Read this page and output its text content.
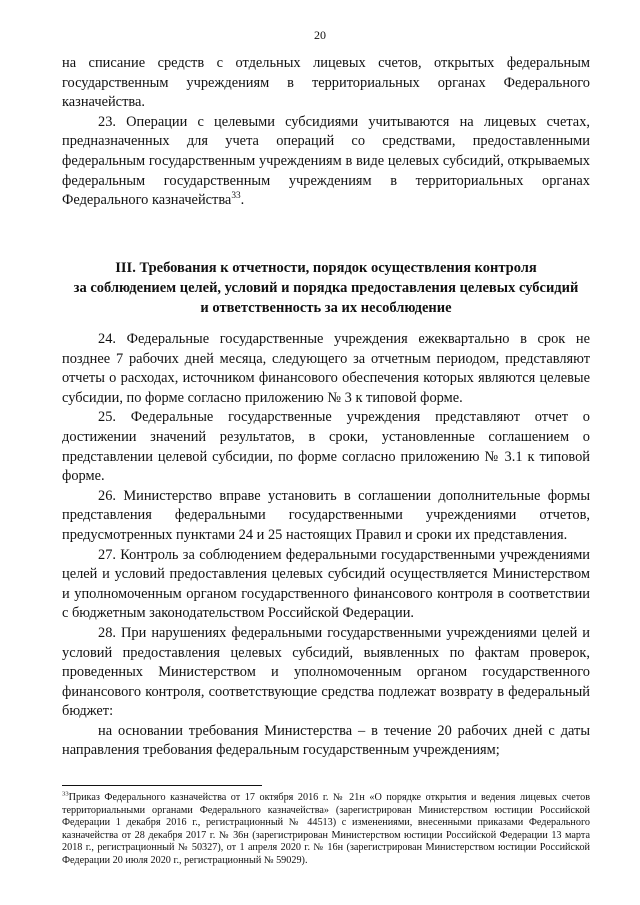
20

на списание средств с отдельных лицевых счетов, открытых федеральным государственным учреждениям в территориальных органах Федерального казначейства.

23. Операции с целевыми субсидиями учитываются на лицевых счетах, предназначенных для учета операций со средствами, предоставленными федеральным государственным учреждениям в виде целевых субсидий, открываемых федеральным государственным учреждениям в территориальных органах Федерального казначейства$^{33}$.

III. Требования к отчетности, порядок осуществления контроля
за соблюдением целей, условий и порядка предоставления целевых субсидий
и ответственность за их несоблюдение

24. Федеральные государственные учреждения ежеквартально в срок не позднее 7 рабочих дней месяца, следующего за отчетным периодом, представляют отчеты о расходах, источником финансового обеспечения которых являются целевые субсидии, по форме согласно приложению № 3 к типовой форме.

25. Федеральные государственные учреждения представляют отчет о достижении значений результатов, в сроки, установленные соглашением о представлении целевой субсидии, по форме согласно приложению № 3.1 к типовой форме.

26. Министерство вправе установить в соглашении дополнительные формы представления федеральными государственными учреждениями отчетов, предусмотренных пунктами 24 и 25 настоящих Правил и сроки их представления.

27. Контроль за соблюдением федеральными государственными учреждениями целей и условий предоставления целевых субсидий осуществляется Министерством и уполномоченным органом государственного финансового контроля в соответствии с бюджетным законодательством Российской Федерации.

28. При нарушениях федеральными государственными учреждениями целей и условий предоставления целевых субсидий, выявленных по фактам проверок, проведенных Министерством и уполномоченным органом государственного финансового контроля, соответствующие средства подлежат возврату в федеральный бюджет:

на основании требования Министерства – в течение 20 рабочих дней с даты направления требования федеральным государственным учреждениям;

$^{33}$Приказ Федерального казначейства от 17 октября 2016 г. № 21н «О порядке открытия и ведения лицевых счетов территориальными органами Федерального казначейства» (зарегистрирован Министерством юстиции Российской Федерации 1 декабря 2016 г., регистрационный № 44513) с изменениями, внесенными приказами Федерального казначейства от 28 декабря 2017 г. № 36н (зарегистрирован Министерством юстиции Российской Федерации 13 марта 2018 г., регистрационный № 50327), от 1 апреля 2020 г. № 16н (зарегистрирован Министерством юстиции Российской Федерации 20 июля 2020 г., регистрационный № 59029).
